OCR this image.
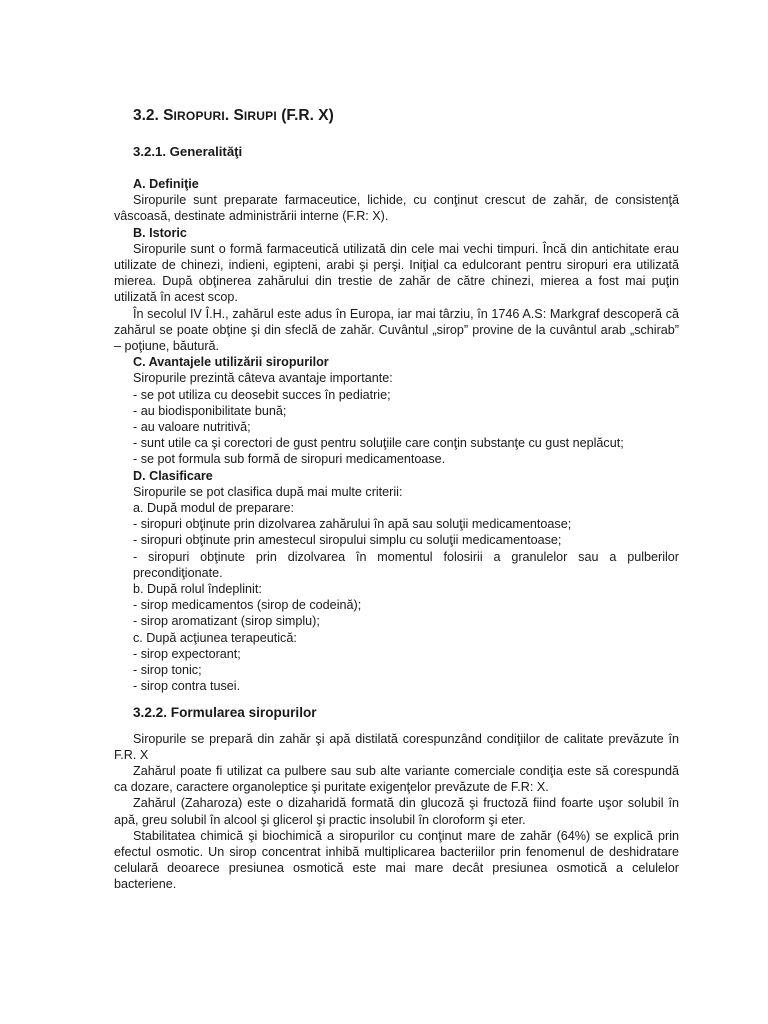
3.2. SIROPURI. SIRUPI (F.R. X)
3.2.1. Generalităţi
A. Definiţie

Siropurile sunt preparate farmaceutice, lichide, cu conţinut crescut de zahăr, de consistenţă vâscoasă, destinate administrării interne (F.R: X).

B. Istoric

Siropurile sunt o formă farmaceutică utilizată din cele mai vechi timpuri. Încă din antichitate erau utilizate de chinezi, indieni, egipteni, arabi şi perşi. Iniţial ca edulcorant pentru siropuri era utilizată mierea. După obţinerea zahărului din trestie de zahăr de către chinezi, mierea a fost mai puţin utilizată în acest scop.

În secolul IV Î.H., zahărul este adus în Europa, iar mai târziu, în 1746 A.S: Markgraf descoperă că zahărul se poate obţine şi din sfeclă de zahăr. Cuvântul „sirop” provine de la cuvântul arab „schirab” – poţiune, băutură.

C. Avantajele utilizării siropurilor

Siropurile prezintă câteva avantaje importante:

- se pot utiliza cu deosebit succes în pediatrie;

- au biodisponibilitate bună;

- au valoare nutritivă;

- sunt utile ca şi corectori de gust pentru soluţiile care conţin substanţe cu gust neplăcut;

- se pot formula sub formă de siropuri medicamentoase.

D. Clasificare

Siropurile se pot clasifica după mai multe criterii:

a. După modul de preparare:

- siropuri obţinute prin dizolvarea zahărului în apă sau soluţii medicamentoase;

- siropuri obţinute prin amestecul siropului simplu cu soluţii medicamentoase;

- siropuri obţinute prin dizolvarea în momentul folosirii a granulelor sau a pulberilor precondiţionate.

b. După rolul îndeplinit:

- sirop medicamentos (sirop de codeină);

- sirop aromatizant (sirop simplu);

c. După acţiunea terapeutică:

- sirop expectorant;

- sirop tonic;

- sirop contra tusei.

3.2.2. Formularea siropurilor

Siropurile se prepară din zahăr şi apă distilată corespunzând condiţiilor de calitate prevăzute în F.R. X

Zahărul poate fi utilizat ca pulbere sau sub alte variante comerciale condiţia este să corespundă ca dozare, caractere organoleptice şi puritate exigenţelor prevăzute de F.R: X.

Zahărul (Zaharoza) este o dizaharidă formată din glucoză şi fructoză fiind foarte uşor solubil în apă, greu solubil în alcool şi glicerol şi practic insolubil în cloroform şi eter.

Stabilitatea chimică şi biochimică a siropurilor cu conţinut mare de zahăr (64%) se explică prin efectul osmotic. Un sirop concentrat inhibă multiplicarea bacteriilor prin fenomenul de deshidratare celulară deoarece presiunea osmotică este mai mare decât presiunea osmotică a celulelor bacteriene.
